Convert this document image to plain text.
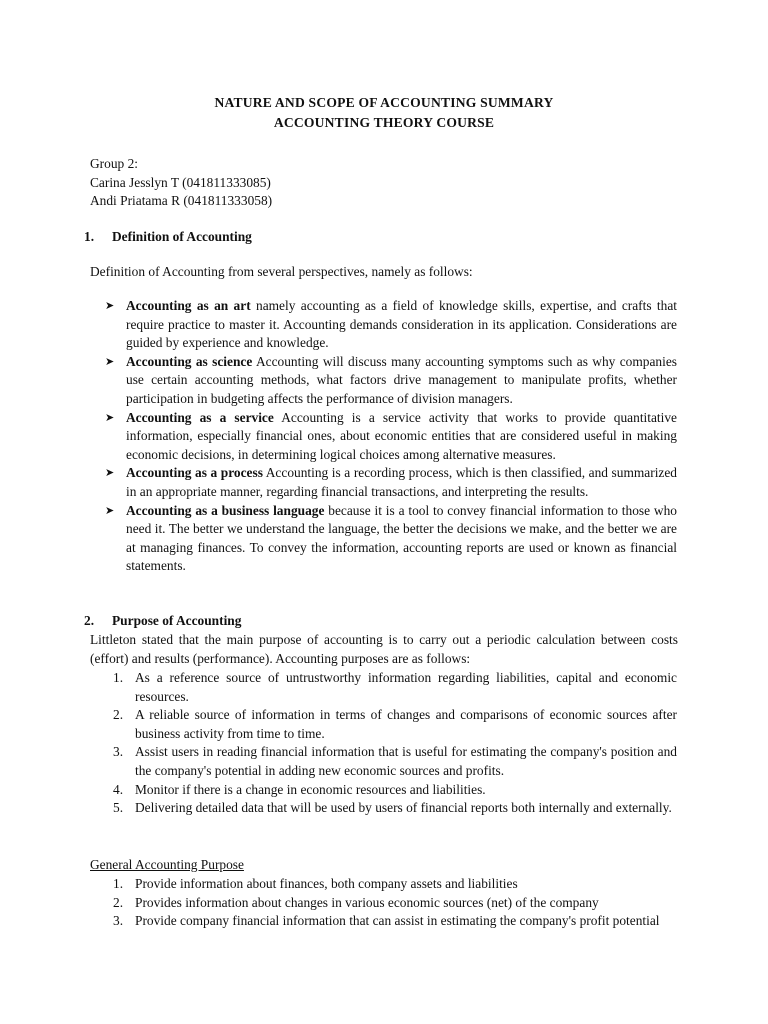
NATURE AND SCOPE OF ACCOUNTING SUMMARY
ACCOUNTING THEORY COURSE
Group 2:
Carina Jesslyn T (041811333085)
Andi Priatama R (041811333058)
1. Definition of Accounting
Definition of Accounting from several perspectives, namely as follows:
➤ Accounting as an art namely accounting as a field of knowledge skills, expertise, and crafts that require practice to master it. Accounting demands consideration in its application. Considerations are guided by experience and knowledge.
➤ Accounting as science Accounting will discuss many accounting symptoms such as why companies use certain accounting methods, what factors drive management to manipulate profits, whether participation in budgeting affects the performance of division managers.
➤ Accounting as a service Accounting is a service activity that works to provide quantitative information, especially financial ones, about economic entities that are considered useful in making economic decisions, in determining logical choices among alternative measures.
➤ Accounting as a process Accounting is a recording process, which is then classified, and summarized in an appropriate manner, regarding financial transactions, and interpreting the results.
➤ Accounting as a business language because it is a tool to convey financial information to those who need it. The better we understand the language, the better the decisions we make, and the better we are at managing finances. To convey the information, accounting reports are used or known as financial statements.
2. Purpose of Accounting
Littleton stated that the main purpose of accounting is to carry out a periodic calculation between costs (effort) and results (performance). Accounting purposes are as follows:
1. As a reference source of untrustworthy information regarding liabilities, capital and economic resources.
2. A reliable source of information in terms of changes and comparisons of economic sources after business activity from time to time.
3. Assist users in reading financial information that is useful for estimating the company's position and the company's potential in adding new economic sources and profits.
4. Monitor if there is a change in economic resources and liabilities.
5. Delivering detailed data that will be used by users of financial reports both internally and externally.
General Accounting Purpose
1. Provide information about finances, both company assets and liabilities
2. Provides information about changes in various economic sources (net) of the company
3. Provide company financial information that can assist in estimating the company's profit potential
